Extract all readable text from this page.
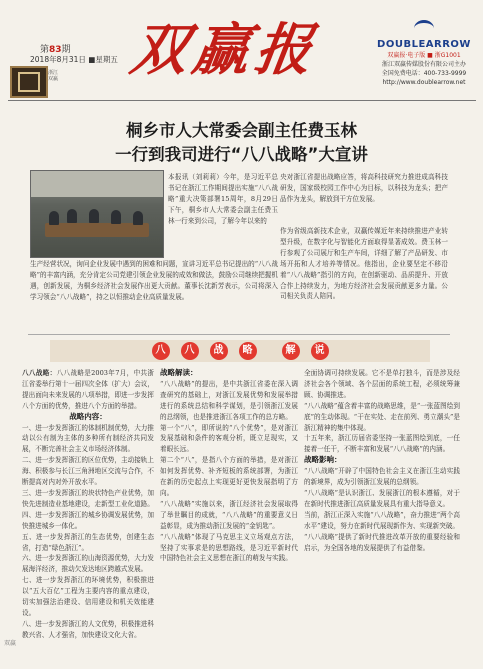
第83期
2018年8月31日 ■星期五
浙江双赢 双赢报	DOUBLEARROW
双赢报·电子版 ■ 浙G1001
浙江双赢传媒股份有限公司主办
全国免费电话：400-733-9999
http://www.doublearrow.net
桐乡市人大常委会副主任费玉林
一行到我司进行“八八战略”大宣讲

本报讯（刘莉莉）今年，是习近平总书记在浙江工作期间提出实施“八八战略”重大决策部署15周年，8月29日下午，桐乡市人大常委会副主任费玉林一行来到公司，了解今年以来的

央对浙江省提出战略应答，将高科技研究力推进成高科技研发，国家级校园工作中心为目标，以科技为龙头；把产品作为龙头，解放到干方位发展。

生产经营状况，询问企业发展中遇到的困难和问题，宣讲习近平总书记提出的“八八战略”的丰富内涵，充分肯定公司党建引领企业发展的成效和做法，鼓励公司继续把握机遇，创新发展，为桐乡经济社会发展作出更大贡献。董事长沈新芳表示，公司将深入学习领会“八八战略”，持之以恒推动企业高质量发展。

作为省级高新技术企业，双赢传媒近年来持续推进产业转型升级，在数字化与智能化方面取得显著成效。费玉林一行参观了公司展厅和生产车间，详细了解了产品研发、市场开拓和人才培养等情况。他指出，企业要坚定不移沿着“八八战略”指引的方向，在创新驱动、品质提升、开放合作上持续发力，为地方经济社会发展贡献更多力量。公司相关负责人陪同。

八	八	战	略	解	说
八八战略：八八战略是2003年7月，中共浙江省委举行第十一届四次全体（扩大）会议，提出面向未来发展的八项举措，即进一步发挥八个方面的优势，推进八个方面的举措。
战略内容：
一、进一步发挥浙江的体制机制优势，大力推动以公有制为主体的多种所有制经济共同发展，不断完善社会主义市场经济体制。
二、进一步发挥浙江的区位优势，主动接轨上海、积极参与长江三角洲地区交流与合作，不断提高对内对外开放水平。
三、进一步发挥浙江的块状特色产业优势，加快先进制造业基地建设，走新型工业化道路。
四、进一步发挥浙江的城乡协调发展优势，加快推进城乡一体化。
五、进一步发挥浙江的生态优势，创建生态省，打造“绿色浙江”。
六、进一步发挥浙江的山海资源优势，大力发展海洋经济，推动欠发达地区跨越式发展。
七、进一步发挥浙江的环境优势，积极推进以“五大百亿”工程为主要内容的重点建设，切实加强法治建设、信用建设和机关效能建设。
八、进一步发挥浙江的人文优势，积极推进科教兴省、人才强省，加快建设文化大省。
战略解读：
“八八战略”的提出，是中共浙江省委在深入调查研究的基础上，对浙江发展优势和发展举措进行的系统总结和科学谋划，是引领浙江发展的总纲领，也是推进浙江各项工作的总方略。
第一个“八”，即所说的“八个优势”，是对浙江发展基础和条件的客观分析，既立足现实，又着眼长远。
第二个“八”，是指八个方面的举措，是对浙江如何发挥优势、补齐短板的系统部署，为浙江在新的历史起点上实现更好更快发展指明了方向。
“八八战略”实施以来，浙江经济社会发展取得了举世瞩目的成就，“八八战略”的重要意义日益彰显，成为推动浙江发展的“金钥匙”。
“八八战略”体现了马克思主义立场观点方法，坚持了实事求是的思想路线，是习近平新时代中国特色社会主义思想在浙江的萌发与实践。
全面协调可持续发展。它不是单打独斗，而是涉及经济社会各个领域、各个层面的系统工程，必须统筹兼顾、协调推进。
“八八战略”蕴含着丰富的战略思维，是“一张蓝图绘到底”的生动体现。“干在实处、走在前列、勇立潮头”是浙江精神的集中体现。
十五年来，浙江历届省委坚持一张蓝图绘到底，一任接着一任干，不断丰富和发展“八八战略”的内涵。
战略影响：
“八八战略”开辟了中国特色社会主义在浙江生动实践的新境界，成为引领浙江发展的总纲领。
“八八战略”是认识浙江、发展浙江的根本遵循，对于在新时代推进浙江高质量发展具有重大指导意义。
当前，浙江正深入实施“八八战略”，奋力推进“两个高水平”建设，努力在新时代展现新作为、实现新突破。
“八八战略”提供了新时代推进改革开放的重要经验和启示，为全国各地的发展提供了有益借鉴。
双赢
